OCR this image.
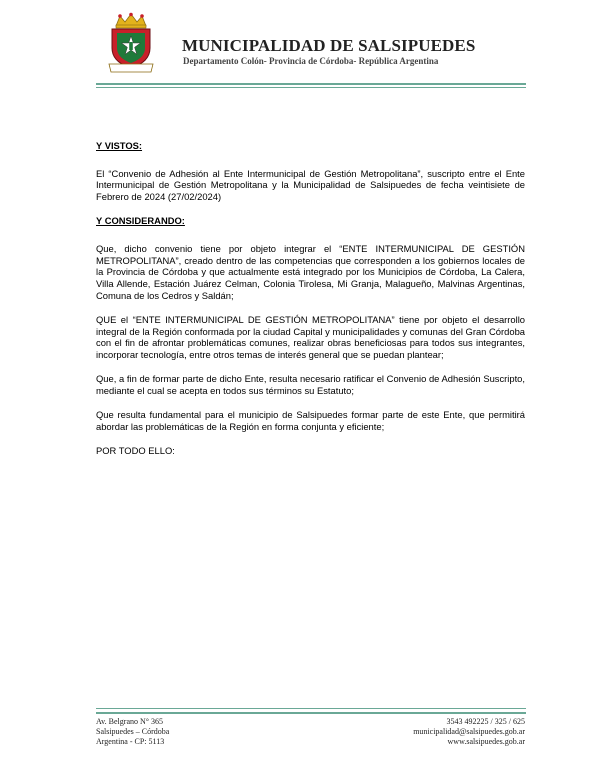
MUNICIPALIDAD DE SALSIPUEDES
Departamento Colón- Provincia de Córdoba- República Argentina

Y VISTOS:

El “Convenio de Adhesión al Ente Intermunicipal de Gestión Metropolitana”, suscripto entre el Ente Intermunicipal de Gestión Metropolitana y la Municipalidad de Salsipuedes de fecha veintisiete de Febrero de 2024 (27/02/2024)

Y CONSIDERANDO:

Que, dicho convenio tiene por objeto integrar el “ENTE INTERMUNICIPAL DE GESTIÓN METROPOLITANA”, creado dentro de las competencias que corresponden a los gobiernos locales de la Provincia de Córdoba y que actualmente está integrado por los Municipios de Córdoba, La Calera, Villa Allende, Estación Juárez Celman, Colonia Tirolesa, Mi Granja, Malagueño, Malvinas Argentinas, Comuna de los Cedros y Saldán;

QUE el “ENTE INTERMUNICIPAL DE GESTIÓN METROPOLITANA” tiene por objeto el desarrollo integral de la Región conformada por la ciudad Capital y municipalidades y comunas del Gran Córdoba con el fin de afrontar problemáticas comunes, realizar obras beneficiosas para todos sus integrantes, incorporar tecnología, entre otros temas de interés general que se puedan plantear;

Que, a fin de formar parte de dicho Ente, resulta necesario ratificar el Convenio de Adhesión Suscripto, mediante el cual se acepta en todos sus términos su Estatuto;

Que resulta fundamental para el municipio de Salsipuedes formar parte de este Ente, que permitirá abordar las problemáticas de la Región en forma conjunta y eficiente;

POR TODO ELLO:

Av. Belgrano N° 365
Salsipuedes – Córdoba
Argentina - CP: 5113
3543 492225 / 325 / 625
municipalidad@salsipuedes.gob.ar
www.salsipuedes.gob.ar
